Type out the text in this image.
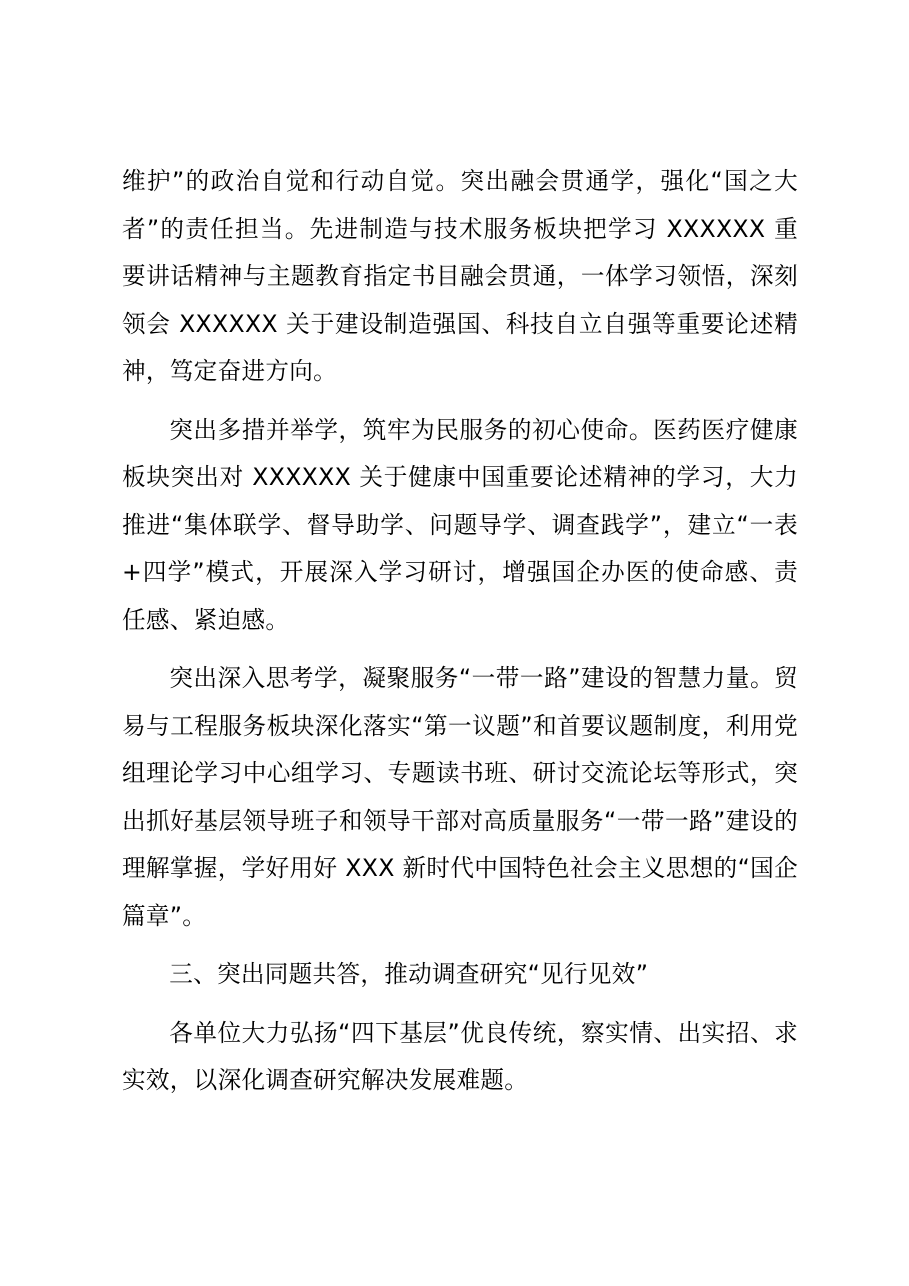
维护”的政治自觉和行动自觉。突出融会贯通学，强化“国之大者”的责任担当。先进制造与技术服务板块把学习 XXXXXX 重要讲话精神与主题教育指定书目融会贯通，一体学习领悟，深刻领会 XXXXXX 关于建设制造强国、科技自立自强等重要论述精神，笃定奋进方向。

突出多措并举学，筑牢为民服务的初心使命。医药医疗健康板块突出对 XXXXXX 关于健康中国重要论述精神的学习，大力推进“集体联学、督导助学、问题导学、调查践学”，建立“一表+四学”模式，开展深入学习研讨，增强国企办医的使命感、责任感、紧迫感。

突出深入思考学，凝聚服务“一带一路”建设的智慧力量。贸易与工程服务板块深化落实“第一议题”和首要议题制度，利用党组理论学习中心组学习、专题读书班、研讨交流论坛等形式，突出抓好基层领导班子和领导干部对高质量服务“一带一路”建设的理解掌握，学好用好 XXX 新时代中国特色社会主义思想的“国企篇章”。

三、突出同题共答，推动调查研究“见行见效”

各单位大力弘扬“四下基层”优良传统，察实情、出实招、求实效，以深化调查研究解决发展难题。
